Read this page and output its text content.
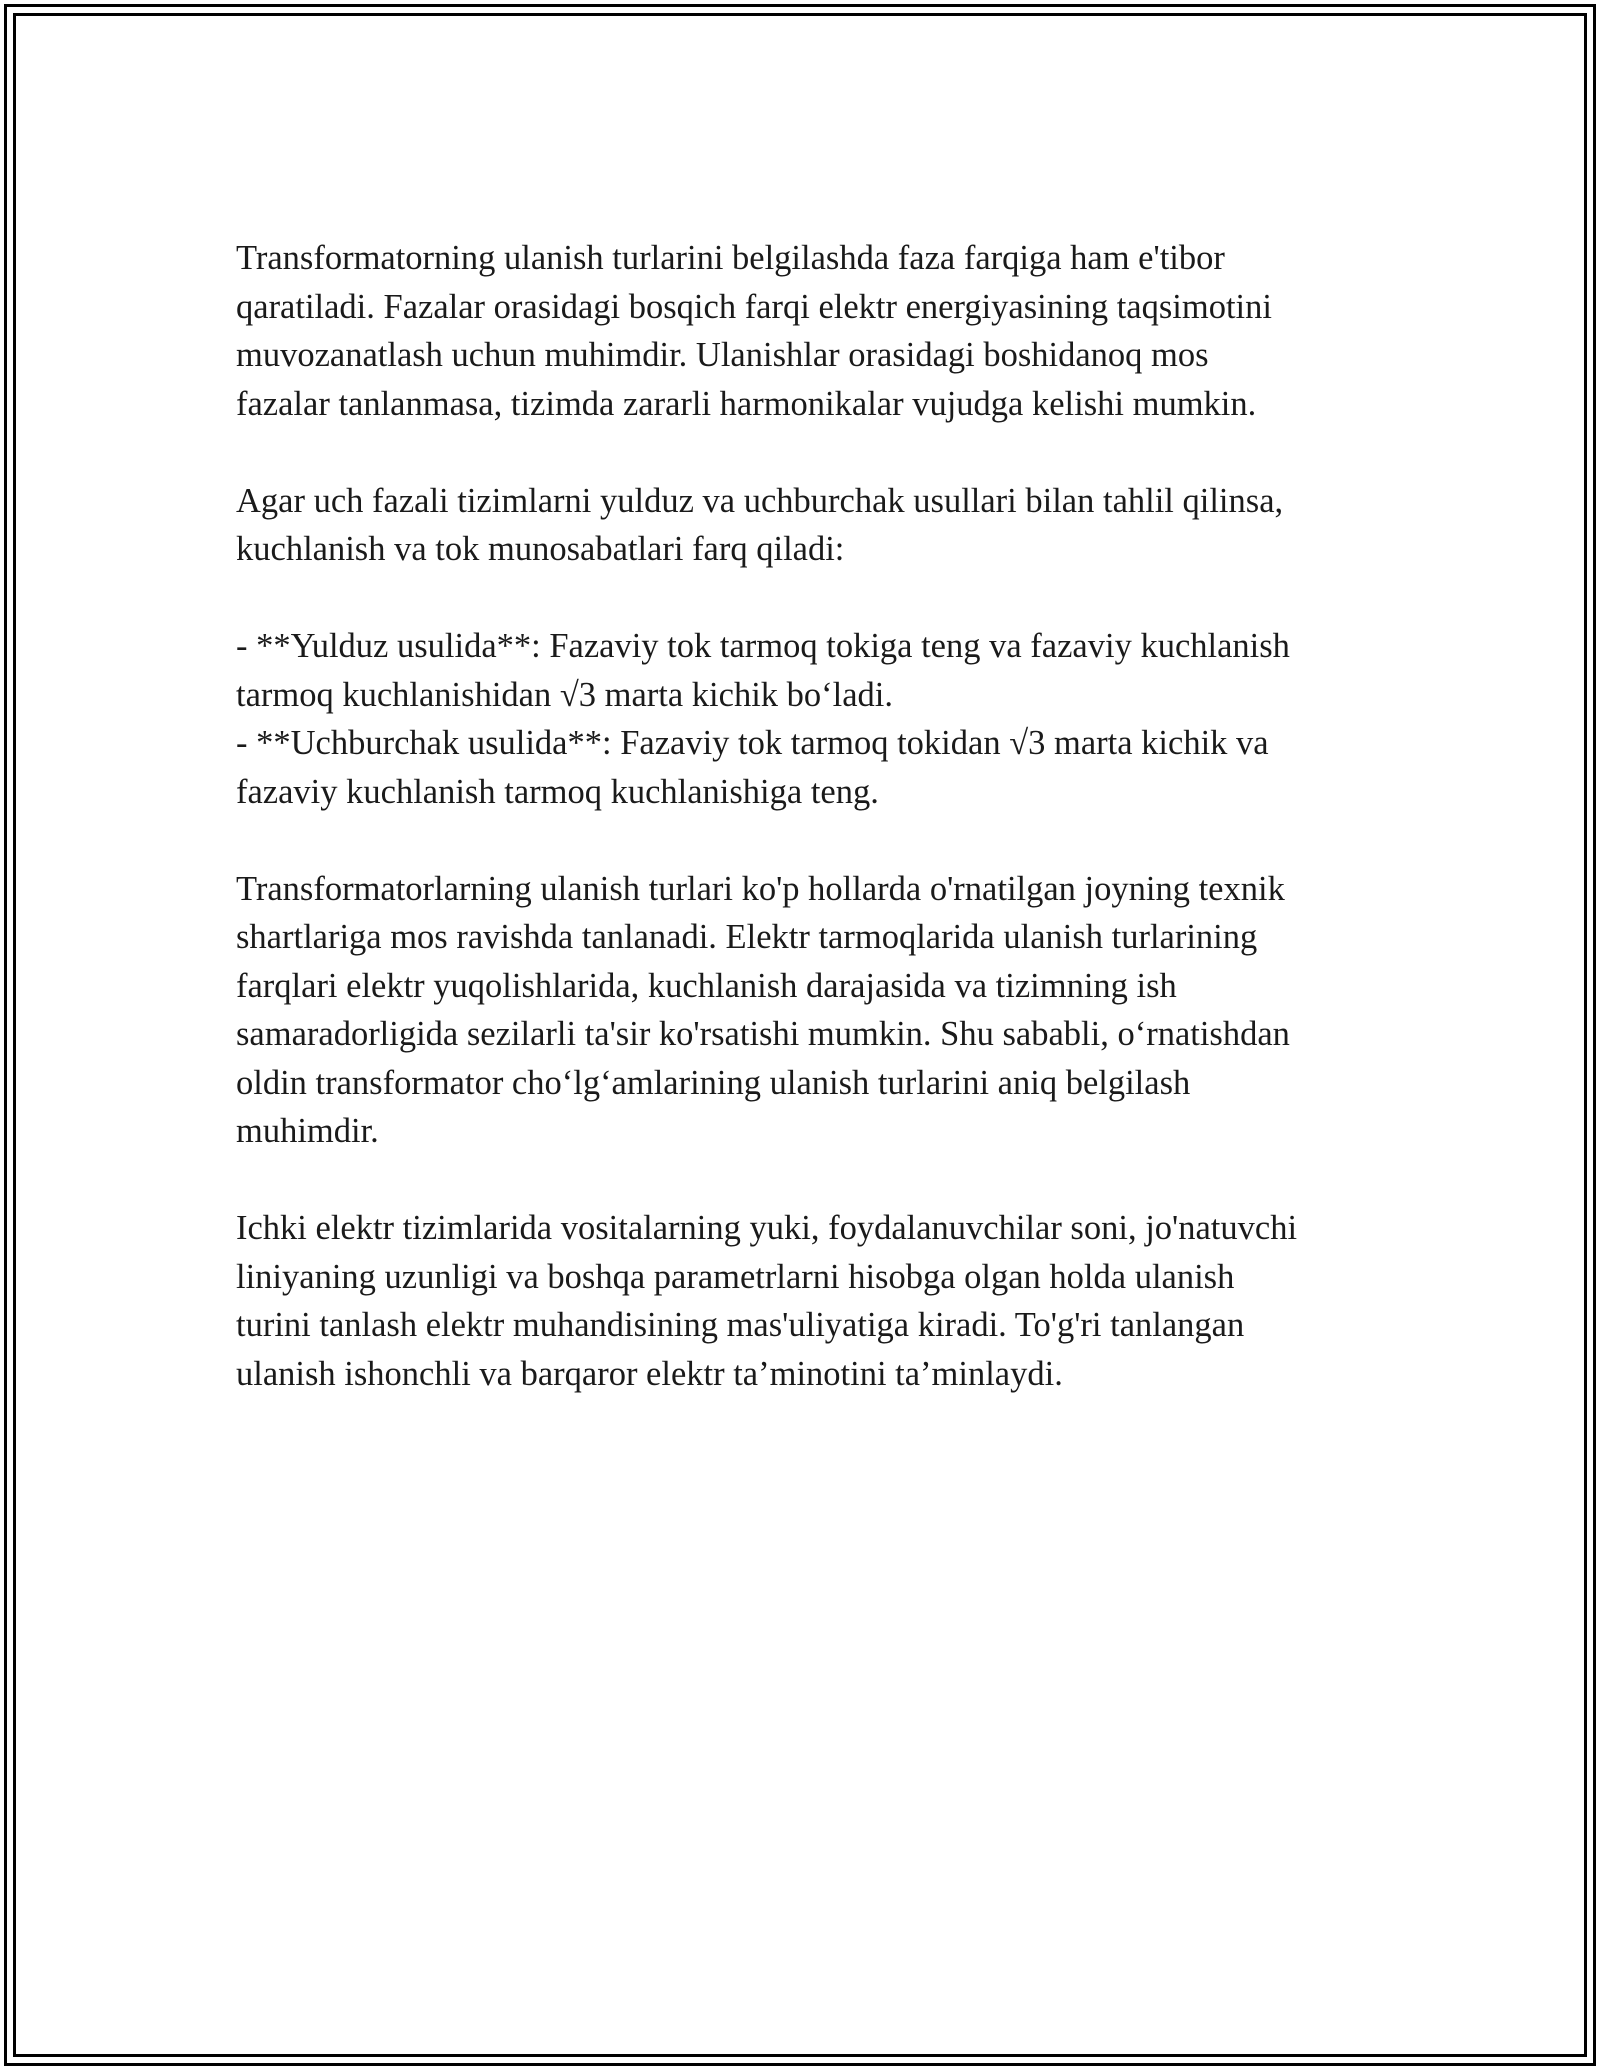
Transformatorning ulanish turlarini belgilashda faza farqiga ham e'tibor
qaratiladi. Fazalar orasidagi bosqich farqi elektr energiyasining taqsimotini
muvozanatlash uchun muhimdir. Ulanishlar orasidagi boshidanoq mos
fazalar tanlanmasa, tizimda zararli harmonikalar vujudga kelishi mumkin.

Agar uch fazali tizimlarni yulduz va uchburchak usullari bilan tahlil qilinsa,
kuchlanish va tok munosabatlari farq qiladi:

- **Yulduz usulida**: Fazaviy tok tarmoq tokiga teng va fazaviy kuchlanish
tarmoq kuchlanishidan √3 marta kichik bo‘ladi.
- **Uchburchak usulida**: Fazaviy tok tarmoq tokidan √3 marta kichik va
fazaviy kuchlanish tarmoq kuchlanishiga teng.

Transformatorlarning ulanish turlari ko'p hollarda o'rnatilgan joyning texnik
shartlariga mos ravishda tanlanadi. Elektr tarmoqlarida ulanish turlarining
farqlari elektr yuqolishlarida, kuchlanish darajasida va tizimning ish
samaradorligida sezilarli ta'sir ko'rsatishi mumkin. Shu sababli, o‘rnatishdan
oldin transformator cho‘lg‘amlarining ulanish turlarini aniq belgilash
muhimdir.

Ichki elektr tizimlarida vositalarning yuki, foydalanuvchilar soni, jo'natuvchi
liniyaning uzunligi va boshqa parametrlarni hisobga olgan holda ulanish
turini tanlash elektr muhandisining mas'uliyatiga kiradi. To'g'ri tanlangan
ulanish ishonchli va barqaror elektr ta’minotini ta’minlaydi.
